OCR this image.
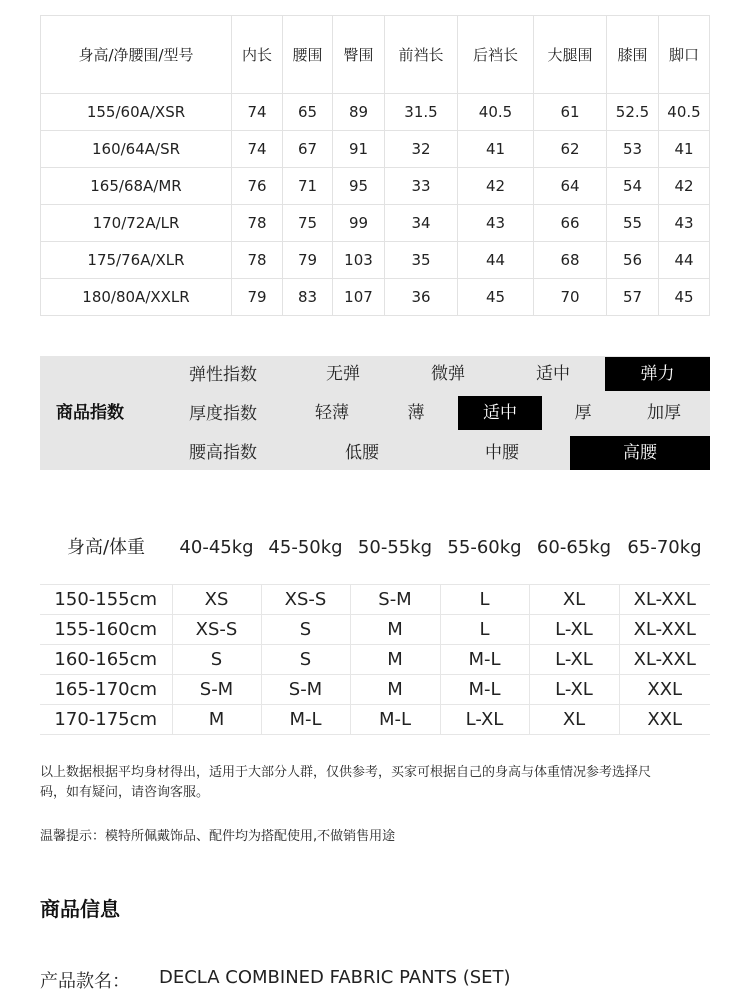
身高/净腰围/型号	内长	腰围	臀围	前裆长	后裆长	大腿围	膝围	脚口
155/60A/XSR	74	65	89	31.5	40.5	61	52.5	40.5
160/64A/SR	74	67	91	32	41	62	53	41
165/68A/MR	76	71	95	33	42	64	54	42
170/72A/LR	78	75	99	34	43	66	55	43
175/76A/XLR	78	79	103	35	44	68	56	44
180/80A/XXLR	79	83	107	36	45	70	57	45
商品指数
弹性指数	无弹	微弹	适中	弹力
厚度指数	轻薄	薄	适中	厚	加厚
腰高指数	低腰	中腰	高腰
身高/体重	40-45kg 45-50kg 50-55kg 55-60kg 60-65kg 65-70kg
150-155cm	XS	XS-S	S-M	L	XL	XL-XXL
155-160cm	XS-S	S	M	L	L-XL	XL-XXL
160-165cm	S	S	M	M-L	L-XL	XL-XXL
165-170cm	S-M	S-M	M	M-L	L-XL	XXL
170-175cm	M	M-L	M-L	L-XL	XL	XXL
以上数据根据平均身材得出，适用于大部分人群，仅供参考，买家可根据自己的身高与体重情况参考选择尺
码，如有疑问，请咨询客服。
温馨提示：模特所佩戴饰品、配件均为搭配使用,不做销售用途
商品信息
产品款名： DECLA COMBINED FABRIC PANTS (SET)
